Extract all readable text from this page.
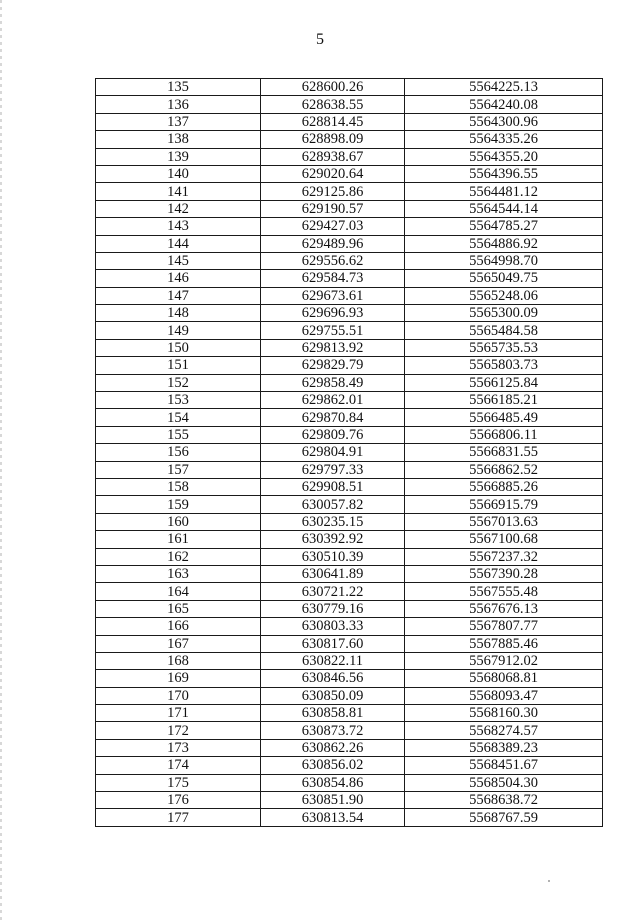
5
135	628600.26	5564225.13
136	628638.55	5564240.08
137	628814.45	5564300.96
138	628898.09	5564335.26
139	628938.67	5564355.20
140	629020.64	5564396.55
141	629125.86	5564481.12
142	629190.57	5564544.14
143	629427.03	5564785.27
144	629489.96	5564886.92
145	629556.62	5564998.70
146	629584.73	5565049.75
147	629673.61	5565248.06
148	629696.93	5565300.09
149	629755.51	5565484.58
150	629813.92	5565735.53
151	629829.79	5565803.73
152	629858.49	5566125.84
153	629862.01	5566185.21
154	629870.84	5566485.49
155	629809.76	5566806.11
156	629804.91	5566831.55
157	629797.33	5566862.52
158	629908.51	5566885.26
159	630057.82	5566915.79
160	630235.15	5567013.63
161	630392.92	5567100.68
162	630510.39	5567237.32
163	630641.89	5567390.28
164	630721.22	5567555.48
165	630779.16	5567676.13
166	630803.33	5567807.77
167	630817.60	5567885.46
168	630822.11	5567912.02
169	630846.56	5568068.81
170	630850.09	5568093.47
171	630858.81	5568160.30
172	630873.72	5568274.57
173	630862.26	5568389.23
174	630856.02	5568451.67
175	630854.86	5568504.30
176	630851.90	5568638.72
177	630813.54	5568767.59
